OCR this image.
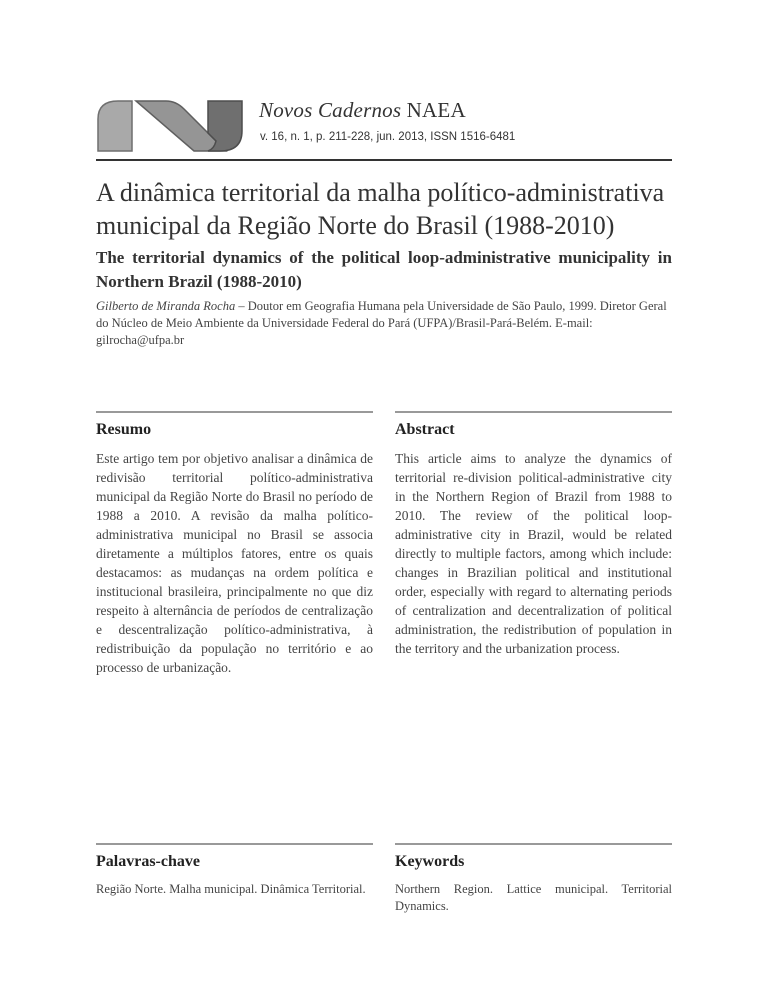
Novos Cadernos NAEA
v. 16, n. 1, p. 211-228, jun. 2013, ISSN 1516-6481
A dinâmica territorial da malha político-administrativa municipal da Região Norte do Brasil (1988-2010)
The territorial dynamics of the political loop-administrative municipality in Northern Brazil (1988-2010)

Gilberto de Miranda Rocha – Doutor em Geografia Humana pela Universidade de São Paulo, 1999. Diretor Geral do Núcleo de Meio Ambiente da Universidade Federal do Pará (UFPA)/Brasil-Pará-Belém. E-mail: gilrocha@ufpa.br

Resumo

Este artigo tem por objetivo analisar a dinâmica de redivisão territorial político-administrativa municipal da Região Norte do Brasil no período de 1988 a 2010. A revisão da malha político-administrativa municipal no Brasil se associa diretamente a múltiplos fatores, entre os quais destacamos: as mudanças na ordem política e institucional brasileira, principalmente no que diz respeito à alternância de períodos de centralização e descentralização político-administrativa, à redistribuição da população no território e ao processo de urbanização.

Abstract

This article aims to analyze the dynamics of territorial re-division political-administrative city in the Northern Region of Brazil from 1988 to 2010. The review of the political loop-administrative city in Brazil, would be related directly to multiple factors, among which include: changes in Brazilian political and institutional order, especially with regard to alternating periods of centralization and decentralization of political administration, the redistribution of population in the territory and the urbanization process.

Palavras-chave

Região Norte. Malha municipal. Dinâmica Territorial.

Keywords

Northern Region. Lattice municipal. Territorial Dynamics.
